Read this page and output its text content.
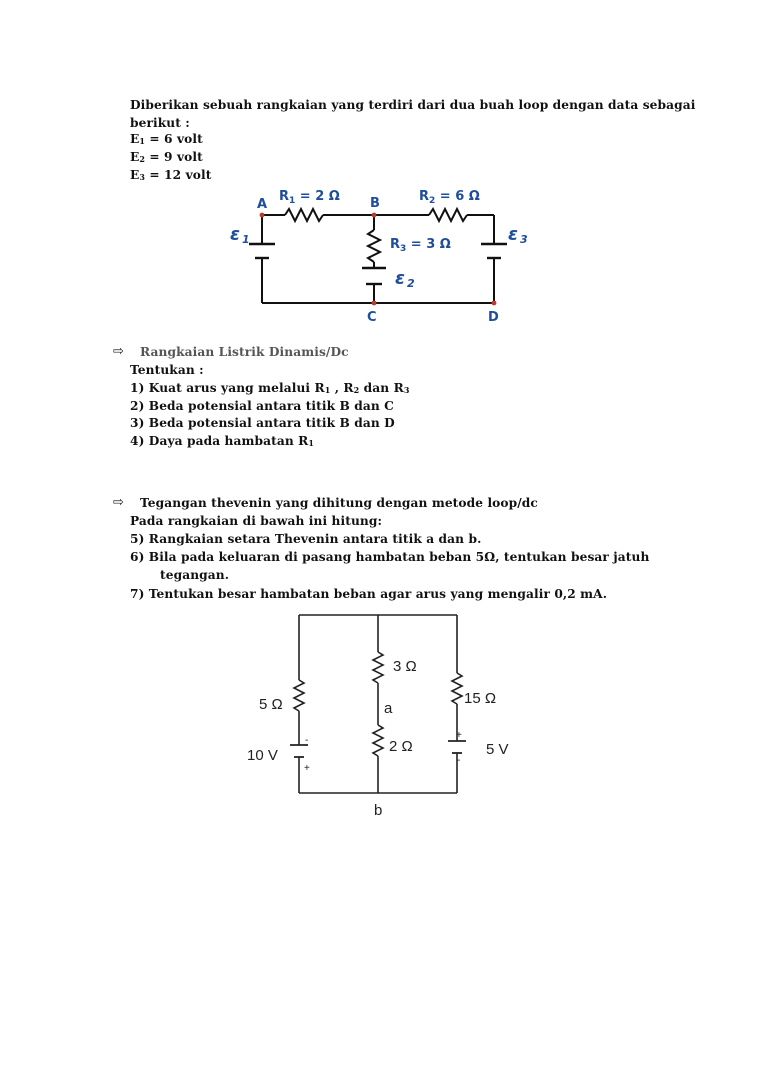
Diberikan sebuah rangkaian yang terdiri dari dua buah loop dengan data sebagai
berikut :
$E_1 = 6$ volt
$E_2 = 9$ volt
$E_3 = 12$ volt
$R_1 = 2$ Ω	$R_2 = 6$ Ω
$R_3 = 3$ Ω
B
C	D
ε 1
ε 2
ε 3
A
⇨ Rangkaian Listrik Dinamis/Dc
Tentukan :
1) Kuat arus yang melalui $R_1$ , $R_2$ dan $R_3$
2) Beda potensial antara titik B dan C
3) Beda potensial antara titik B dan D
4) Daya pada hambatan $R_1$
⇨ Tegangan thevenin yang dihitung dengan metode loop/dc
Pada rangkaian di bawah ini hitung:
5) Rangkaian setara Thevenin antara titik a dan b.
6) Bila pada keluaran di pasang hambatan beban 5Ω, tentukan besar jatuh
tegangan.
7) Tentukan besar hambatan beban agar arus yang mengalir 0,2 mA.
5 Ω
10 V
3 Ω
a
2 Ω
15 Ω
5 V
b
-
+
+
-
